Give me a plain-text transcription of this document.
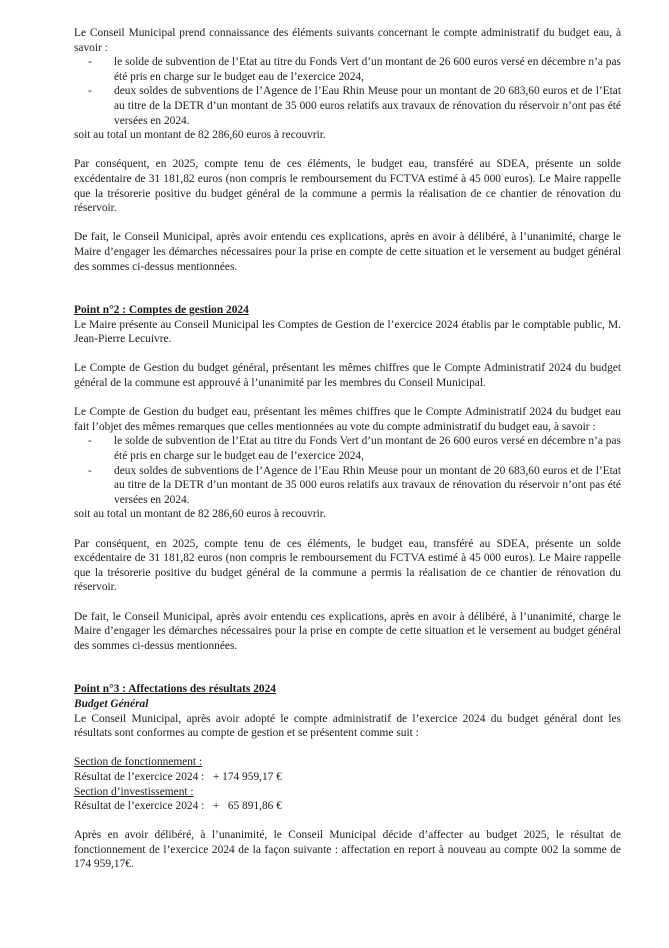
Le Conseil Municipal prend connaissance des éléments suivants concernant le compte administratif du budget eau, à savoir :

- le solde de subvention de l’Etat au titre du Fonds Vert d’un montant de 26 600 euros versé en décembre n’a pas été pris en charge sur le budget eau de l’exercice 2024,
- deux soldes de subventions de l’Agence de l’Eau Rhin Meuse pour un montant de 20 683,60 euros et de l’Etat au titre de la DETR d’un montant de 35 000 euros relatifs aux travaux de rénovation du réservoir n’ont pas été versées en 2024.

soit au total un montant de 82 286,60 euros à recouvrir.

Par conséquent, en 2025, compte tenu de ces éléments, le budget eau, transféré au SDEA, présente un solde excédentaire de 31 181,82 euros (non compris le remboursement du FCTVA estimé à 45 000 euros). Le Maire rappelle que la trésorerie positive du budget général de la commune a permis la réalisation de ce chantier de rénovation du réservoir.

De fait, le Conseil Municipal, après avoir entendu ces explications, après en avoir à délibéré, à l’unanimité, charge le Maire d’engager les démarches nécessaires pour la prise en compte de cette situation et le versement au budget général des sommes ci-dessus mentionnées.

Point n°2 : Comptes de gestion 2024

Le Maire présente au Conseil Municipal les Comptes de Gestion de l’exercice 2024 établis par le comptable public, M. Jean-Pierre Lecuivre.

Le Compte de Gestion du budget général, présentant les mêmes chiffres que le Compte Administratif 2024 du budget général de la commune est approuvé à l’unanimité par les membres du Conseil Municipal.

Le Compte de Gestion du budget eau, présentant les mêmes chiffres que le Compte Administratif 2024 du budget eau fait l’objet des mêmes remarques que celles mentionnées au vote du compte administratif du budget eau, à savoir :

- le solde de subvention de l’Etat au titre du Fonds Vert d’un montant de 26 600 euros versé en décembre n’a pas été pris en charge sur le budget eau de l’exercice 2024,
- deux soldes de subventions de l’Agence de l’Eau Rhin Meuse pour un montant de 20 683,60 euros et de l’Etat au titre de la DETR d’un montant de 35 000 euros relatifs aux travaux de rénovation du réservoir n’ont pas été versées en 2024.

soit au total un montant de 82 286,60 euros à recouvrir.

Par conséquent, en 2025, compte tenu de ces éléments, le budget eau, transféré au SDEA, présente un solde excédentaire de 31 181,82 euros (non compris le remboursement du FCTVA estimé à 45 000 euros). Le Maire rappelle que la trésorerie positive du budget général de la commune a permis la réalisation de ce chantier de rénovation du réservoir.

De fait, le Conseil Municipal, après avoir entendu ces explications, après en avoir à délibéré, à l’unanimité, charge le Maire d’engager les démarches nécessaires pour la prise en compte de cette situation et le versement au budget général des sommes ci-dessus mentionnées.

Point n°3 : Affectations des résultats 2024

Budget Général

Le Conseil Municipal, après avoir adopté le compte administratif de l’exercice 2024 du budget général dont les résultats sont conformes au compte de gestion et se présentent comme suit :

Section de fonctionnement :

Résultat de l’exercice 2024 :   + 174 959,17 €

Section d’investissement :

Résultat de l’exercice 2024 :   +   65 891,86 €

Après en avoir délibéré, à l’unanimité, le Conseil Municipal décide d’affecter au budget 2025, le résultat de fonctionnement de l’exercice 2024 de la façon suivante : affectation en report à nouveau au compte 002 la somme de 174 959,17€.
